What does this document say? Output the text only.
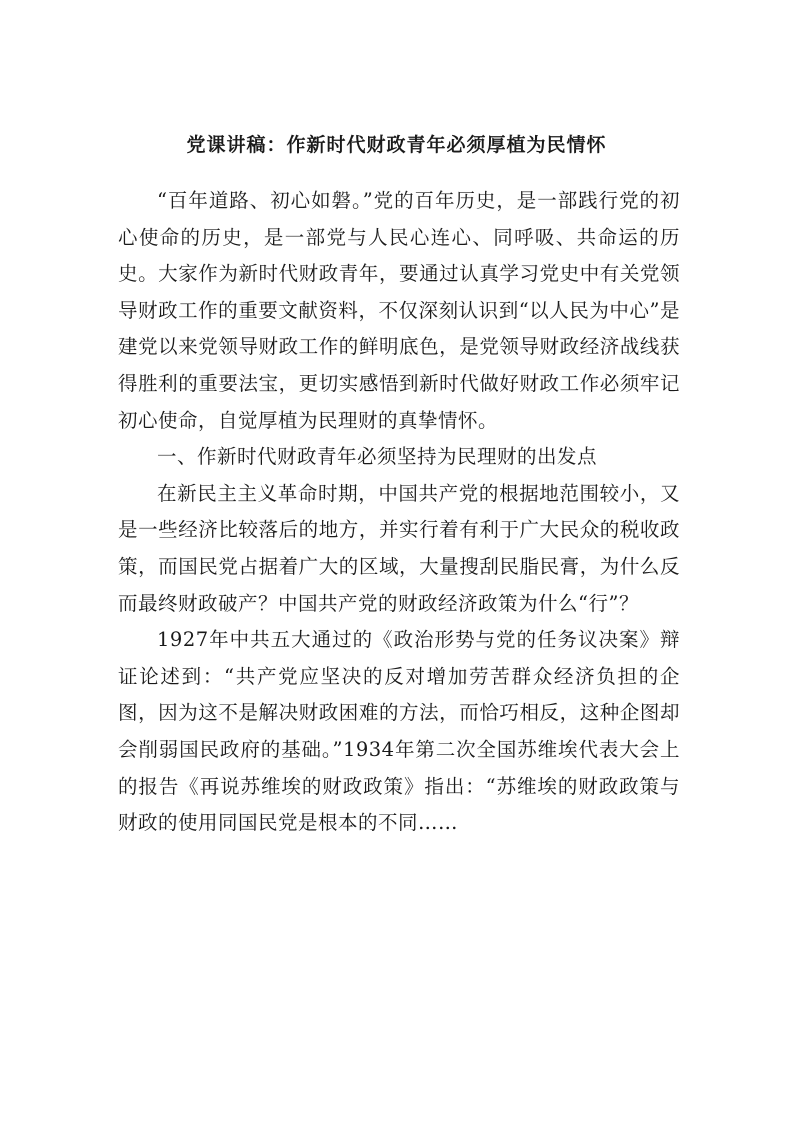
党课讲稿：作新时代财政青年必须厚植为民情怀

“百年道路、初心如磐。”党的百年历史，是一部践行党的初心使命的历史，是一部党与人民心连心、同呼吸、共命运的历史。大家作为新时代财政青年，要通过认真学习党史中有关党领导财政工作的重要文献资料，不仅深刻认识到“以人民为中心”是建党以来党领导财政工作的鲜明底色，是党领导财政经济战线获得胜利的重要法宝，更切实感悟到新时代做好财政工作必须牢记初心使命，自觉厚植为民理财的真挚情怀。

一、作新时代财政青年必须坚持为民理财的出发点

在新民主主义革命时期，中国共产党的根据地范围较小，又是一些经济比较落后的地方，并实行着有利于广大民众的税收政策，而国民党占据着广大的区域，大量搜刮民脂民膏，为什么反而最终财政破产？中国共产党的财政经济政策为什么“行”？

1927年中共五大通过的《政治形势与党的任务议决案》辩证论述到：“共产党应坚决的反对增加劳苦群众经济负担的企图，因为这不是解决财政困难的方法，而恰巧相反，这种企图却会削弱国民政府的基础。”1934年第二次全国苏维埃代表大会上的报告《再说苏维埃的财政政策》指出：“苏维埃的财政政策与财政的使用同国民党是根本的不同……
